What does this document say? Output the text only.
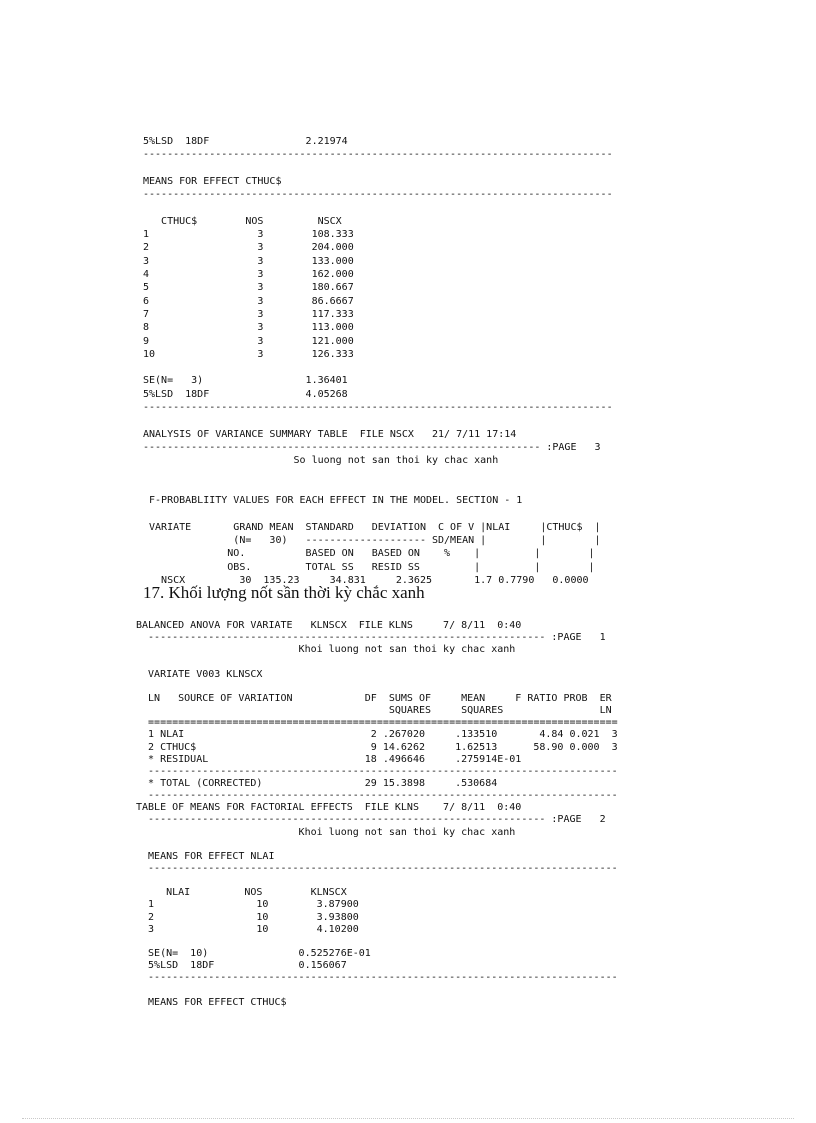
5%LSD  18DF                2.21974
------------------------------------------------------------------------------
MEANS FOR EFFECT CTHUC$
------------------------------------------------------------------------------
CTHUC$        NOS         NSCX
1                  3        108.333
2                  3        204.000
3                  3        133.000
4                  3        162.000
5                  3        180.667
6                  3        86.6667
7                  3        117.333
8                  3        113.000
9                  3        121.000
10                 3        126.333
SE(N=   3)                 1.36401
5%LSD  18DF                4.05268
------------------------------------------------------------------------------
ANALYSIS OF VARIANCE SUMMARY TABLE  FILE NSCX   21/ 7/11 17:14
------------------------------------------------------------------ :PAGE   3
So luong not san thoi ky chac xanh
F-PROBABLIITY VALUES FOR EACH EFFECT IN THE MODEL. SECTION - 1
VARIATE       GRAND MEAN  STANDARD   DEVIATION  C OF V |NLAI     |CTHUC$  |
(N=   30)   -------------------- SD/MEAN |         |        |
NO.          BASED ON   BASED ON    %    |         |        |
OBS.         TOTAL SS   RESID SS         |         |        |
NSCX         30  135.23     34.831     2.3625       1.7 0.7790   0.0000
17. Khối lượng nốt sần thời kỳ chắc xanh
BALANCED ANOVA FOR VARIATE   KLNSCX  FILE KLNS     7/ 8/11  0:40
------------------------------------------------------------------ :PAGE   1
Khoi luong not san thoi ky chac xanh
VARIATE V003 KLNSCX
LN   SOURCE OF VARIATION            DF  SUMS OF     MEAN     F RATIO PROB  ER
SQUARES     SQUARES                LN
==============================================================================
1 NLAI                               2 .267020     .133510       4.84 0.021  3
2 CTHUC$                             9 14.6262     1.62513      58.90 0.000  3
* RESIDUAL                          18 .496646     .275914E-01
------------------------------------------------------------------------------
* TOTAL (CORRECTED)                 29 15.3898     .530684
------------------------------------------------------------------------------
TABLE OF MEANS FOR FACTORIAL EFFECTS  FILE KLNS    7/ 8/11  0:40
------------------------------------------------------------------ :PAGE   2
Khoi luong not san thoi ky chac xanh
MEANS FOR EFFECT NLAI
------------------------------------------------------------------------------
NLAI         NOS        KLNSCX
1                 10        3.87900
2                 10        3.93800
3                 10        4.10200
SE(N=  10)               0.525276E-01
5%LSD  18DF              0.156067
------------------------------------------------------------------------------
MEANS FOR EFFECT CTHUC$
